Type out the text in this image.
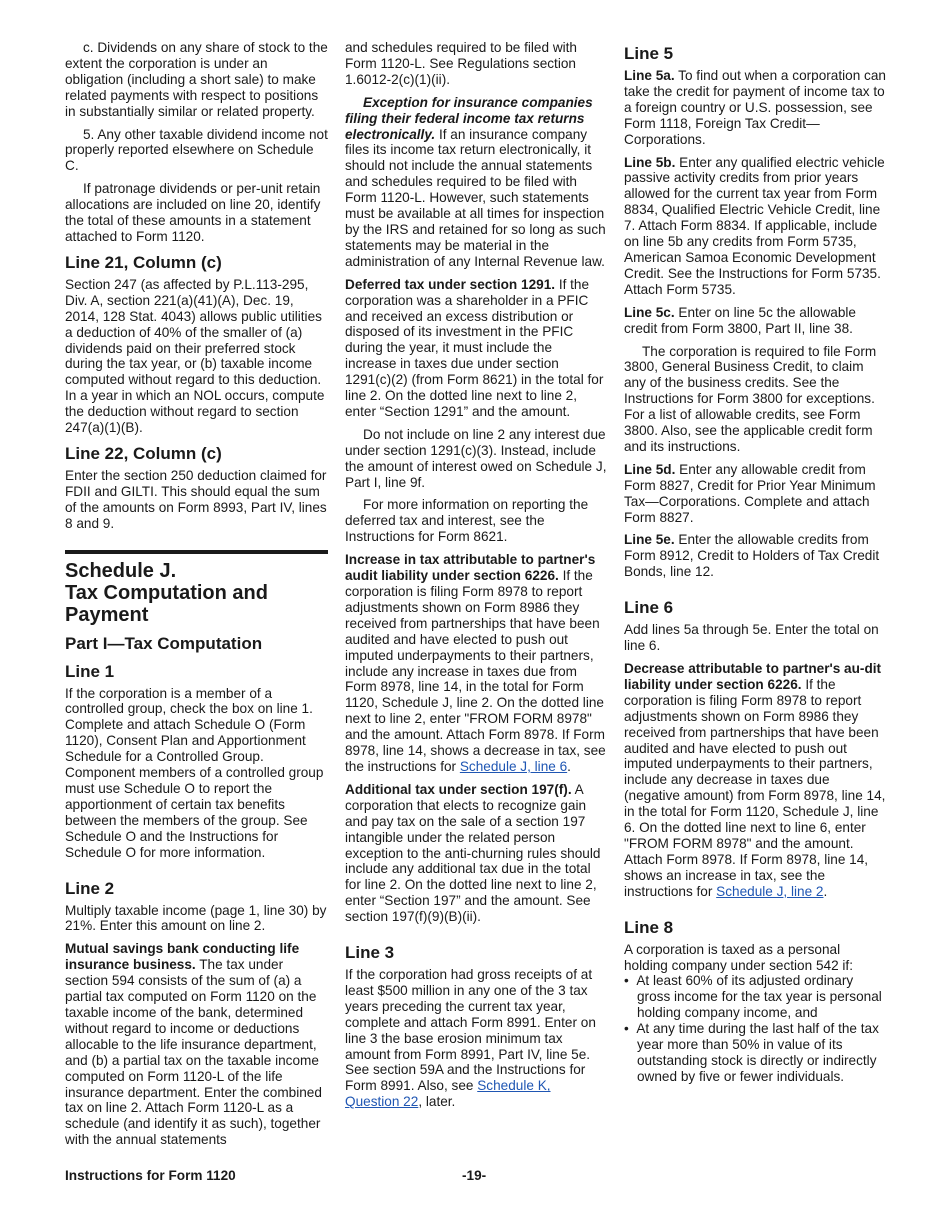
c. Dividends on any share of stock to the extent the corporation is under an obligation (including a short sale) to make related payments with respect to positions in substantially similar or related property.

5. Any other taxable dividend income not properly reported elsewhere on Schedule C.

If patronage dividends or per-unit retain allocations are included on line 20, identify the total of these amounts in a statement attached to Form 1120.

Line 21, Column (c)

Section 247 (as affected by P.L.113-295, Div. A, section 221(a)(41)(A), Dec. 19, 2014, 128 Stat. 4043) allows public utilities a deduction of 40% of the smaller of (a) dividends paid on their preferred stock during the tax year, or (b) taxable income computed without regard to this deduction. In a year in which an NOL occurs, compute the deduction without regard to section 247(a)(1)(B).

Line 22, Column (c)

Enter the section 250 deduction claimed for FDII and GILTI. This should equal the sum of the amounts on Form 8993, Part IV, lines 8 and 9.

Schedule J.
Tax Computation and
Payment
Part I—Tax Computation
Line 1

If the corporation is a member of a controlled group, check the box on line 1. Complete and attach Schedule O (Form 1120), Consent Plan and Apportionment Schedule for a Controlled Group. Component members of a controlled group must use Schedule O to report the apportionment of certain tax benefits between the members of the group. See Schedule O and the Instructions for Schedule O for more information.

Line 2

Multiply taxable income (page 1, line 30) by 21%. Enter this amount on line 2.

Mutual savings bank conducting life insurance business. The tax under section 594 consists of the sum of (a) a partial tax computed on Form 1120 on the taxable income of the bank, determined without regard to income or deductions allocable to the life insurance department, and (b) a partial tax on the taxable income computed on Form 1120-L of the life insurance department. Enter the combined tax on line 2. Attach Form 1120-L as a schedule (and identify it as such), together with the annual statements

and schedules required to be filed with Form 1120-L. See Regulations section 1.6012-2(c)(1)(ii).

Exception for insurance companies filing their federal income tax returns electronically. If an insurance company files its income tax return electronically, it should not include the annual statements and schedules required to be filed with Form 1120-L. However, such statements must be available at all times for inspection by the IRS and retained for so long as such statements may be material in the administration of any Internal Revenue law.

Deferred tax under section 1291. If the corporation was a shareholder in a PFIC and received an excess distribution or disposed of its investment in the PFIC during the year, it must include the increase in taxes due under section 1291(c)(2) (from Form 8621) in the total for line 2. On the dotted line next to line 2, enter “Section 1291” and the amount.

Do not include on line 2 any interest due under section 1291(c)(3). Instead, include the amount of interest owed on Schedule J, Part I, line 9f.

For more information on reporting the deferred tax and interest, see the Instructions for Form 8621.

Increase in tax attributable to partner's audit liability under section 6226. If the corporation is filing Form 8978 to report adjustments shown on Form 8986 they received from partnerships that have been audited and have elected to push out imputed underpayments to their partners, include any increase in taxes due from Form 8978, line 14, in the total for Form 1120, Schedule J, line 2. On the dotted line next to line 2, enter "FROM FORM 8978" and the amount. Attach Form 8978. If Form 8978, line 14, shows a decrease in tax, see the instructions for Schedule J, line 6.

Additional tax under section 197(f). A corporation that elects to recognize gain and pay tax on the sale of a section 197 intangible under the related person exception to the anti-churning rules should include any additional tax due in the total for line 2. On the dotted line next to line 2, enter “Section 197” and the amount. See section 197(f)(9)(B)(ii).

Line 3

If the corporation had gross receipts of at least $500 million in any one of the 3 tax years preceding the current tax year, complete and attach Form 8991. Enter on line 3 the base erosion minimum tax amount from Form 8991, Part IV, line 5e. See section 59A and the Instructions for Form 8991. Also, see Schedule K, Question 22, later.

Line 5

Line 5a. To find out when a corporation can take the credit for payment of income tax to a foreign country or U.S. possession, see Form 1118, Foreign Tax Credit—Corporations.

Line 5b. Enter any qualified electric vehicle passive activity credits from prior years allowed for the current tax year from Form 8834, Qualified Electric Vehicle Credit, line 7. Attach Form 8834. If applicable, include on line 5b any credits from Form 5735, American Samoa Economic Development Credit. See the Instructions for Form 5735. Attach Form 5735.

Line 5c. Enter on line 5c the allowable credit from Form 3800, Part II, line 38.

The corporation is required to file Form 3800, General Business Credit, to claim any of the business credits. See the Instructions for Form 3800 for exceptions. For a list of allowable credits, see Form 3800. Also, see the applicable credit form and its instructions.

Line 5d. Enter any allowable credit from Form 8827, Credit for Prior Year Minimum Tax—Corporations. Complete and attach Form 8827.

Line 5e. Enter the allowable credits from Form 8912, Credit to Holders of Tax Credit Bonds, line 12.

Line 6

Add lines 5a through 5e. Enter the total on line 6.

Decrease attributable to partner's au-dit liability under section 6226. If the corporation is filing Form 8978 to report adjustments shown on Form 8986 they received from partnerships that have been audited and have elected to push out imputed underpayments to their partners, include any decrease in taxes due (negative amount) from Form 8978, line 14, in the total for Form 1120, Schedule J, line 6. On the dotted line next to line 6, enter "FROM FORM 8978" and the amount. Attach Form 8978. If Form 8978, line 14, shows an increase in tax, see the instructions for Schedule J, line 2.

Line 8

A corporation is taxed as a personal holding company under section 542 if:

•  At least 60% of its adjusted ordinary gross income for the tax year is personal holding company income, and

•  At any time during the last half of the tax year more than 50% in value of its outstanding stock is directly or indirectly owned by five or fewer individuals.

Instructions for Form 1120	-19-
